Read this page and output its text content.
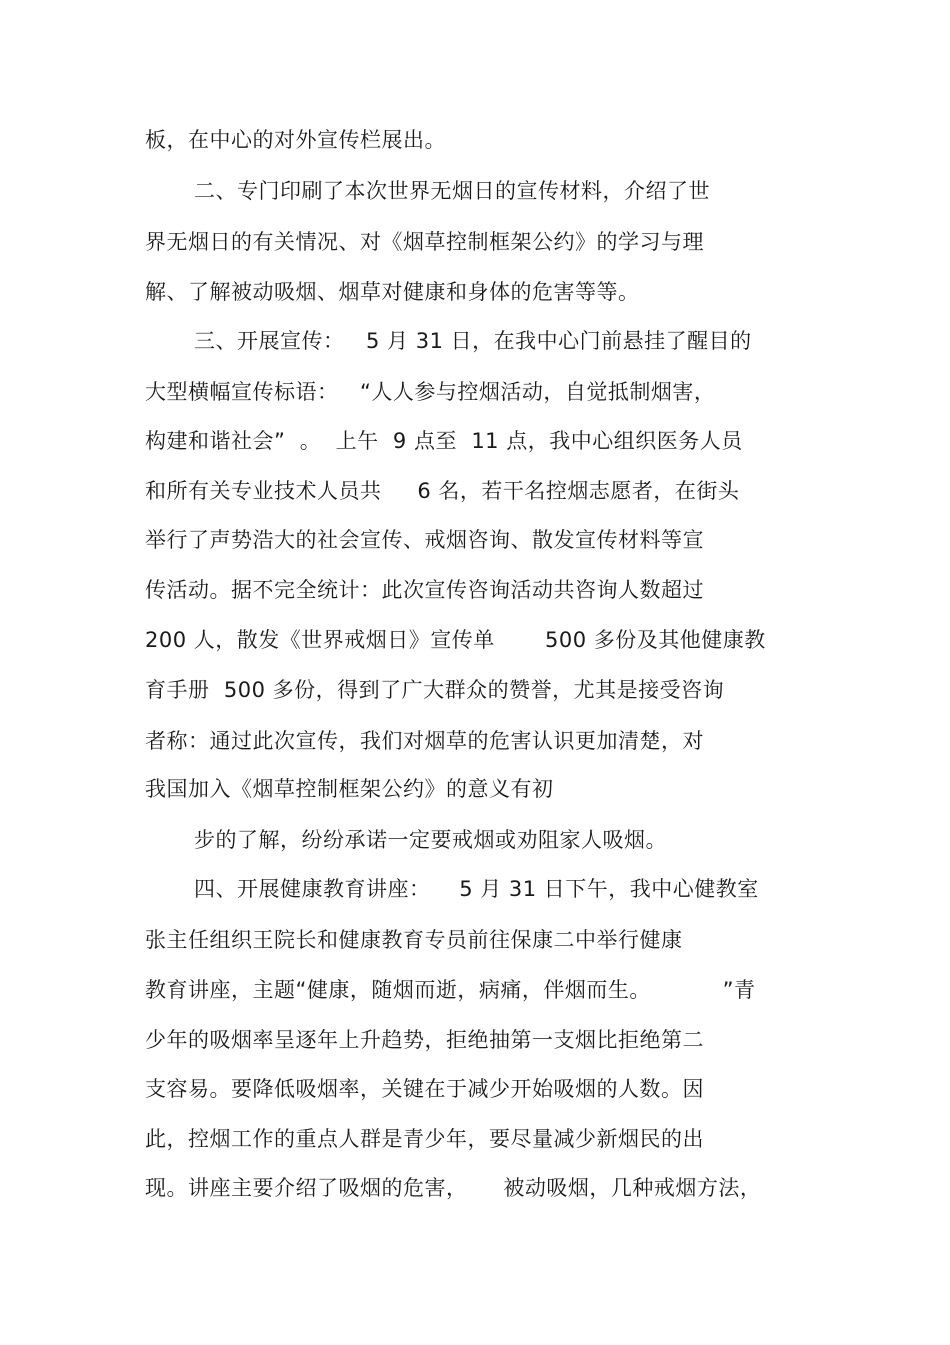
板，在中心的对外宣传栏展出。
二、专门印刷了本次世界无烟日的宣传材料，介绍了世
界无烟日的有关情况、对《烟草控制框架公约》的学习与理
解、了解被动吸烟、烟草对健康和身体的危害等等。
三、开展宣传：   5 月 31 日，在我中心门前悬挂了醒目的
大型横幅宣传标语：   “人人参与控烟活动，自觉抵制烟害，
构建和谐社会”  。  上午  9 点至  11 点，我中心组织医务人员
和所有关专业技术人员共     6 名，若干名控烟志愿者，在街头
举行了声势浩大的社会宣传、戒烟咨询、散发宣传材料等宣
传活动。据不完全统计：此次宣传咨询活动共咨询人数超过
200 人，散发《世界戒烟日》宣传单       500 多份及其他健康教
育手册  500 多份，得到了广大群众的赞誉，尤其是接受咨询
者称：通过此次宣传，我们对烟草的危害认识更加清楚，对
我国加入《烟草控制框架公约》的意义有初
步的了解，纷纷承诺一定要戒烟或劝阻家人吸烟。
四、开展健康教育讲座：    5 月 31 日下午，我中心健教室
张主任组织王院长和健康教育专员前往保康二中举行健康
教育讲座，主题“健康，随烟而逝，病痛，伴烟而生。          ”青
少年的吸烟率呈逐年上升趋势，拒绝抽第一支烟比拒绝第二
支容易。要降低吸烟率，关键在于减少开始吸烟的人数。因
此，控烟工作的重点人群是青少年，要尽量减少新烟民的出
现。讲座主要介绍了吸烟的危害，     被动吸烟，几种戒烟方法，
